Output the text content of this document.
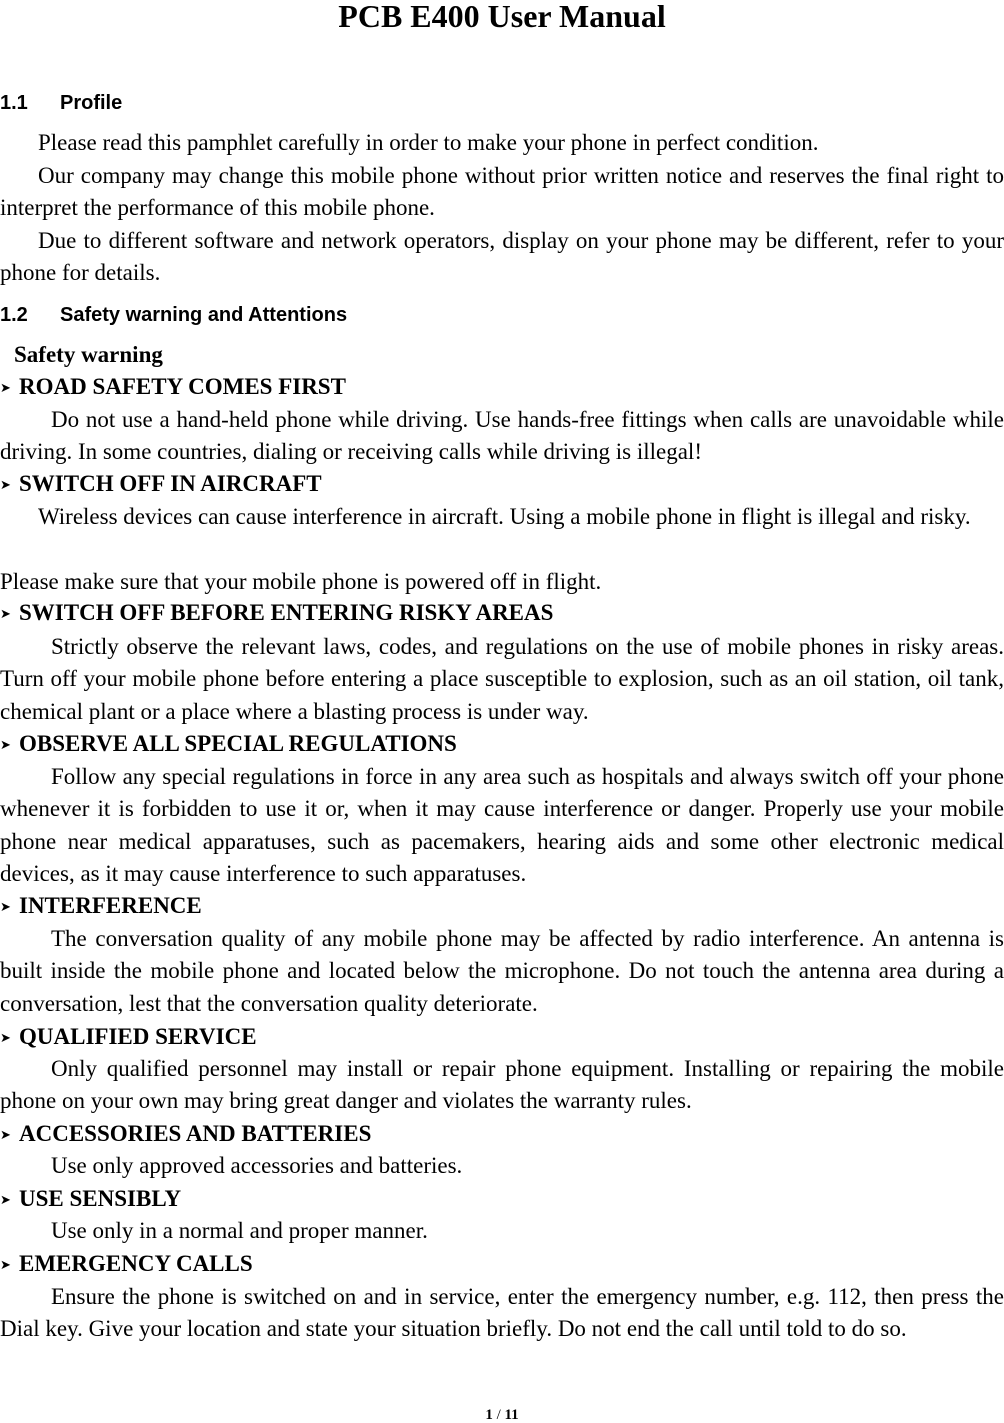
PCB E400 User Manual
1.1 Profile

Please read this pamphlet carefully in order to make your phone in perfect condition.

Our company may change this mobile phone without prior written notice and reserves the final right to interpret the performance of this mobile phone.

Due to different software and network operators, display on your phone may be different, refer to your phone for details.

1.2 Safety warning and Attentions
Safety warning
➤ ROAD SAFETY COMES FIRST

Do not use a hand-held phone while driving. Use hands-free fittings when calls are unavoidable while driving. In some countries, dialing or receiving calls while driving is illegal!

➤ SWITCH OFF IN AIRCRAFT

Wireless devices can cause interference in aircraft. Using a mobile phone in flight is illegal and risky.

Please make sure that your mobile phone is powered off in flight.

➤ SWITCH OFF BEFORE ENTERING RISKY AREAS

Strictly observe the relevant laws, codes, and regulations on the use of mobile phones in risky areas. Turn off your mobile phone before entering a place susceptible to explosion, such as an oil station, oil tank, chemical plant or a place where a blasting process is under way.

➤ OBSERVE ALL SPECIAL REGULATIONS

Follow any special regulations in force in any area such as hospitals and always switch off your phone whenever it is forbidden to use it or, when it may cause interference or danger. Properly use your mobile phone near medical apparatuses, such as pacemakers, hearing aids and some other electronic medical devices, as it may cause interference to such apparatuses.

➤ INTERFERENCE

The conversation quality of any mobile phone may be affected by radio interference. An antenna is built inside the mobile phone and located below the microphone. Do not touch the antenna area during a conversation, lest that the conversation quality deteriorate.

➤ QUALIFIED SERVICE

Only qualified personnel may install or repair phone equipment. Installing or repairing the mobile phone on your own may bring great danger and violates the warranty rules.

➤ ACCESSORIES AND BATTERIES

Use only approved accessories and batteries.

➤ USE SENSIBLY

Use only in a normal and proper manner.

➤ EMERGENCY CALLS

Ensure the phone is switched on and in service, enter the emergency number, e.g. 112, then press the Dial key. Give your location and state your situation briefly. Do not end the call until told to do so.

1 / 11
